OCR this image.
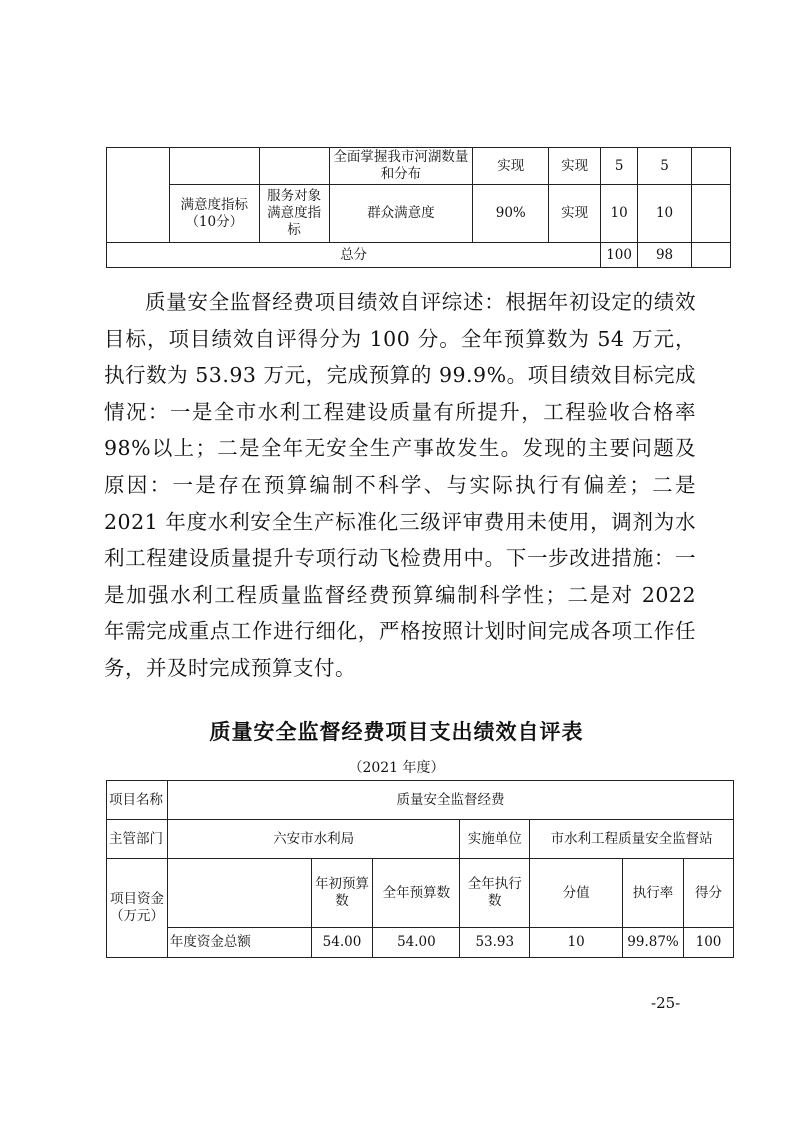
			全面掌握我市河湖数量和分布	实现	实现	5	5	
	满意度指标（10分）	服务对象满意度指标	群众满意度	90%	实现	10	10	
总分						100	98	

质量安全监督经费项目绩效自评综述：根据年初设定的绩效目标，项目绩效自评得分为 100 分。全年预算数为 54 万元，执行数为 53.93 万元，完成预算的 99.9%。项目绩效目标完成情况：一是全市水利工程建设质量有所提升，工程验收合格率 98%以上；二是全年无安全生产事故发生。发现的主要问题及原因：一是存在预算编制不科学、与实际执行有偏差；二是 2021 年度水利安全生产标准化三级评审费用未使用，调剂为水利工程建设质量提升专项行动飞检费用中。下一步改进措施：一是加强水利工程质量监督经费预算编制科学性；二是对 2022 年需完成重点工作进行细化，严格按照计划时间完成各项工作任务，并及时完成预算支付。

质量安全监督经费项目支出绩效自评表
（2021 年度）
项目名称	质量安全监督经费						
主管部门	六安市水利局			实施单位	市水利工程质量安全监督站		
项目资金（万元）		年初预算数	全年预算数	全年执行数	分值	执行率	得分
	年度资金总额	54.00	54.00	53.93	10	99.87%	100
-25-
